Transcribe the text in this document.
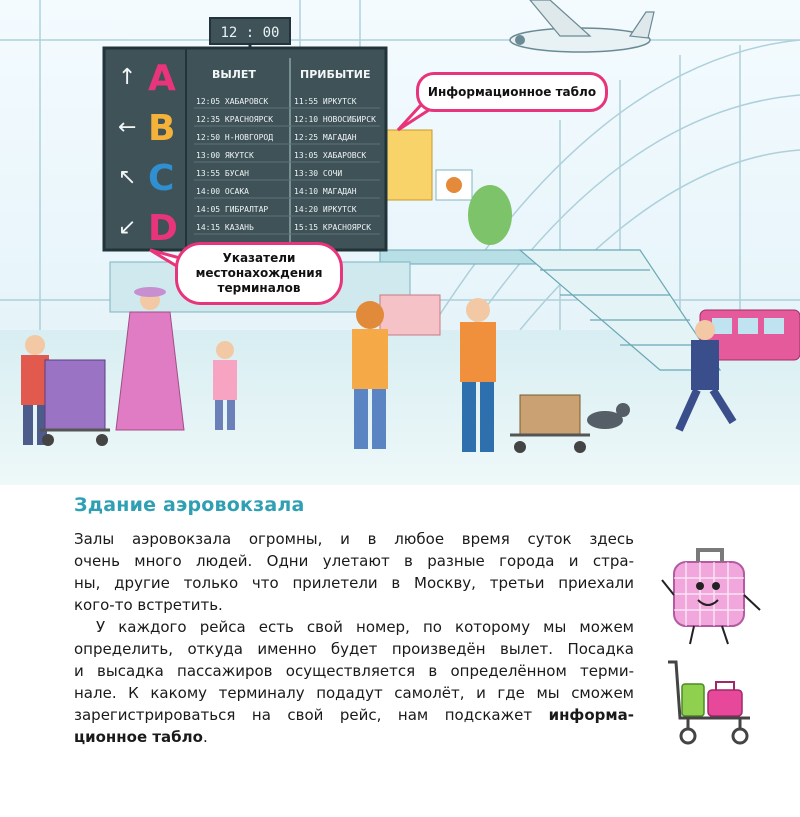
12 : 00
ВЫЛЕТ	ПРИБЫТИЕ
12:05 ХАБАРОВСК
12:35 КРАСНОЯРСК
12:50 Н-НОВГОРОД
13:00 ЯКУТСК
13:55 БУСАН
14:00 ОСАКА
14:05 ГИБРАЛТАР
14:15 КАЗАНЬ
11:55 ИРКУТСК
12:10 НОВОСИБИРСК
12:25 МАГАДАН
13:05 ХАБАРОВСК
13:30 СОЧИ
14:10 МАГАДАН
14:20 ИРКУТСК
15:15 КРАСНОЯРСК
↑ A
← B
↖ C
↙ D
Информационное табло
Указатели
местонахождения
терминалов
Здание аэровокзала
Залы аэровокзала огромны, и в любое время суток здесь
очень много людей. Одни улетают в разные города и стра-
ны, другие только что прилетели в Москву, третьи приехали
кого-то встретить.
У каждого рейса есть свой номер, по которому мы можем
определить, откуда именно будет произведён вылет. Посадка
и высадка пассажиров осуществляется в определённом терми-
нале. К какому терминалу подадут самолёт, и где мы сможем
зарегистрироваться на свой рейс, нам подскажет информа-
ционное табло.
